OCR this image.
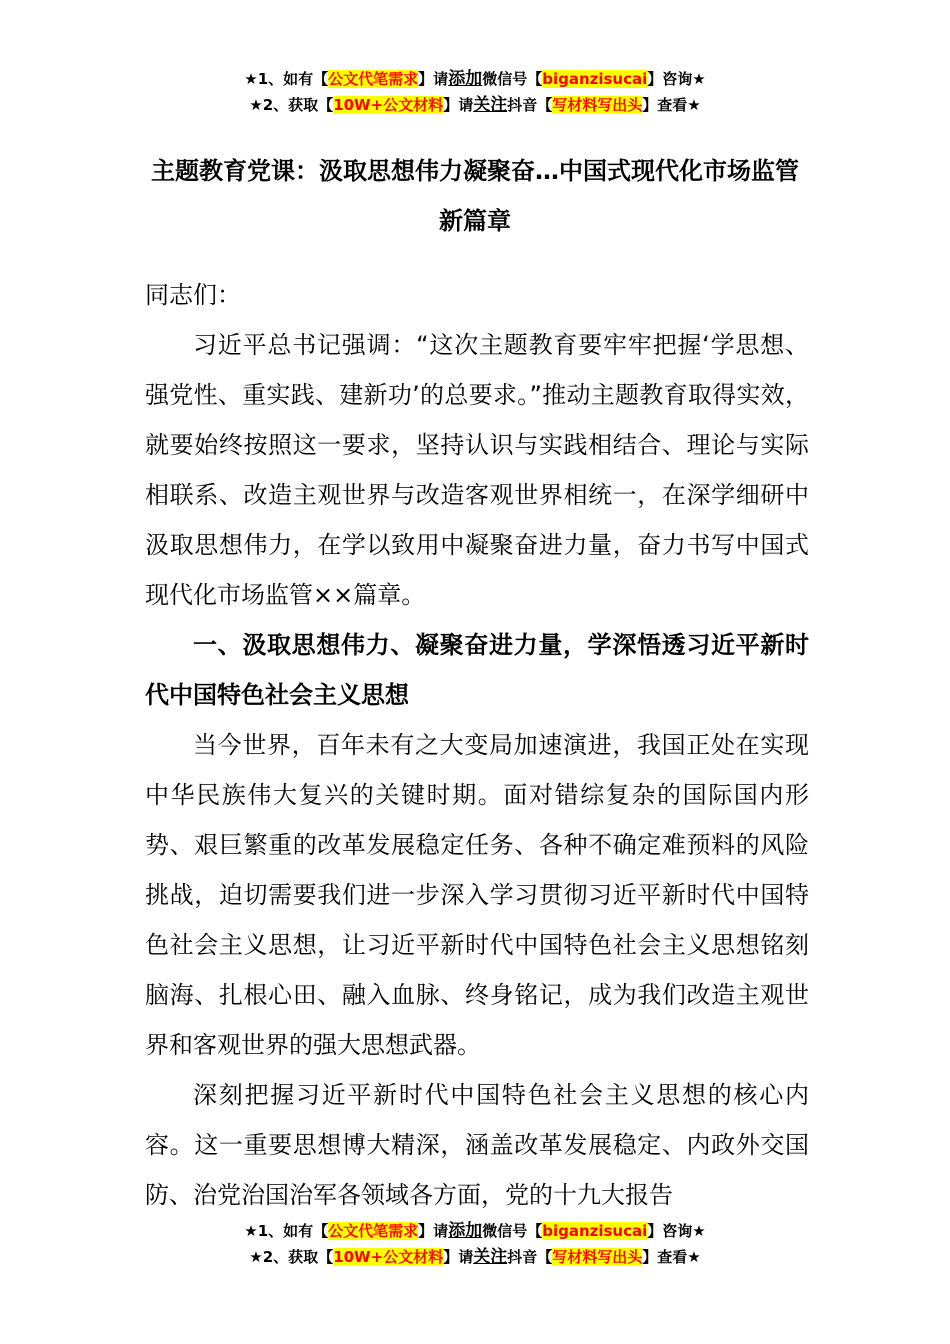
★1、如有【公文代笔需求】请添加微信号【biganzisucai】咨询★
★2、获取【10W+公文材料】请关注抖音【写材料写出头】查看★
主题教育党课：汲取思想伟力凝聚奋…中国式现代化市场监管新篇章

同志们：

习近平总书记强调：“这次主题教育要牢牢把握‘学思想、强党性、重实践、建新功’的总要求。”推动主题教育取得实效，就要始终按照这一要求，坚持认识与实践相结合、理论与实际相联系、改造主观世界与改造客观世界相统一，在深学细研中汲取思想伟力，在学以致用中凝聚奋进力量，奋力书写中国式现代化市场监管××篇章。

一、汲取思想伟力、凝聚奋进力量，学深悟透习近平新时代中国特色社会主义思想

当今世界，百年未有之大变局加速演进，我国正处在实现中华民族伟大复兴的关键时期。面对错综复杂的国际国内形势、艰巨繁重的改革发展稳定任务、各种不确定难预料的风险挑战，迫切需要我们进一步深入学习贯彻习近平新时代中国特色社会主义思想，让习近平新时代中国特色社会主义思想铭刻脑海、扎根心田、融入血脉、终身铭记，成为我们改造主观世界和客观世界的强大思想武器。

深刻把握习近平新时代中国特色社会主义思想的核心内容。这一重要思想博大精深，涵盖改革发展稳定、内政外交国防、治党治国治军各领域各方面，党的十九大报告

★1、如有【公文代笔需求】请添加微信号【biganzisucai】咨询★
★2、获取【10W+公文材料】请关注抖音【写材料写出头】查看★
